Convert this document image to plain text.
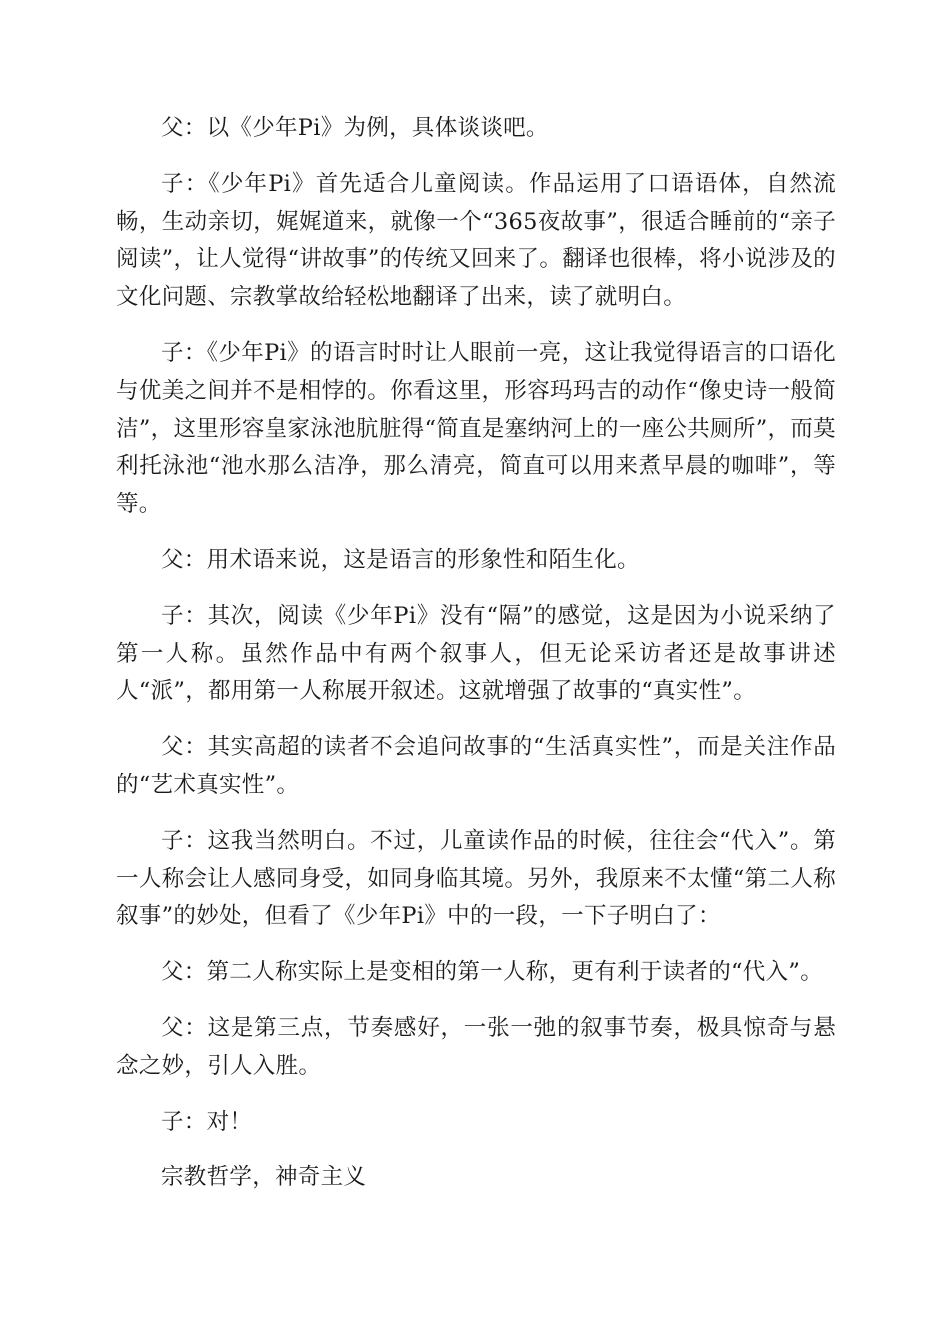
父：以《少年Pi》为例，具体谈谈吧。

子：《少年Pi》首先适合儿童阅读。作品运用了口语语体，自然流畅，生动亲切，娓娓道来，就像一个“365夜故事”，很适合睡前的“亲子阅读”，让人觉得“讲故事”的传统又回来了。翻译也很棒，将小说涉及的文化问题、宗教掌故给轻松地翻译了出来，读了就明白。

子：《少年Pi》的语言时时让人眼前一亮，这让我觉得语言的口语化与优美之间并不是相悖的。你看这里，形容玛玛吉的动作“像史诗一般简洁”，这里形容皇家泳池肮脏得“简直是塞纳河上的一座公共厕所”，而莫利托泳池“池水那么洁净，那么清亮，简直可以用来煮早晨的咖啡”，等等。

父：用术语来说，这是语言的形象性和陌生化。

子：其次，阅读《少年Pi》没有“隔”的感觉，这是因为小说采纳了第一人称。虽然作品中有两个叙事人，但无论采访者还是故事讲述人“派”，都用第一人称展开叙述。这就增强了故事的“真实性”。

父：其实高超的读者不会追问故事的“生活真实性”，而是关注作品的“艺术真实性”。

子：这我当然明白。不过，儿童读作品的时候，往往会“代入”。第一人称会让人感同身受，如同身临其境。另外，我原来不太懂“第二人称叙事”的妙处，但看了《少年Pi》中的一段，一下子明白了：

父：第二人称实际上是变相的第一人称，更有利于读者的“代入”。

父：这是第三点，节奏感好，一张一弛的叙事节奏，极具惊奇与悬念之妙，引人入胜。

子：对！

宗教哲学，神奇主义
